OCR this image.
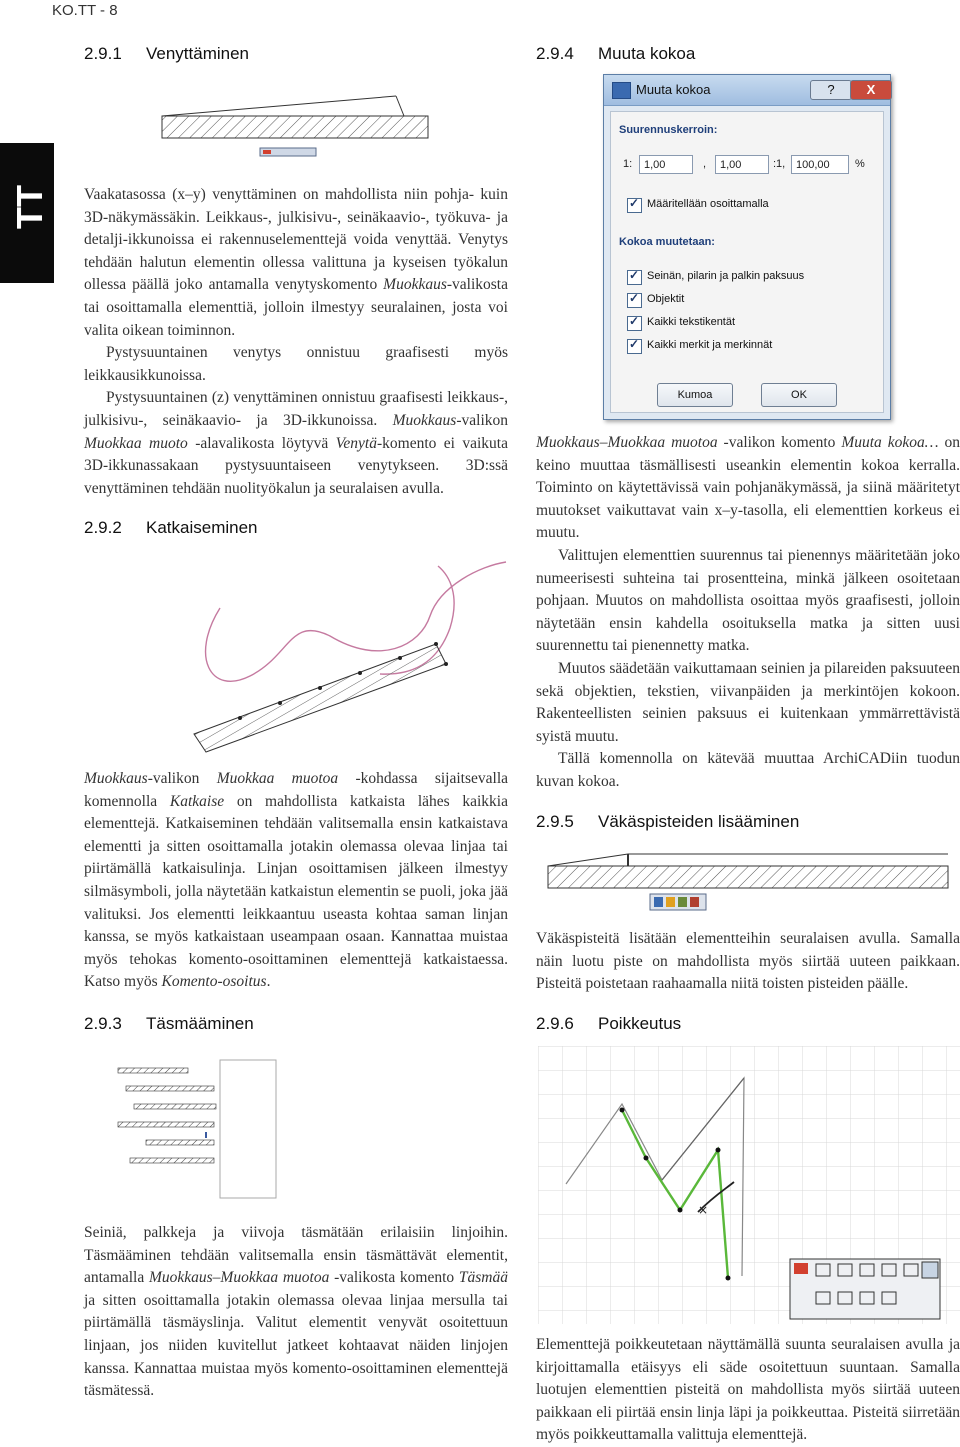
KO.TT - 8
TT
2.9.1 Venyttäminen

Vaakatasossa (x–y) venyttäminen on mahdollista niin pohja- kuin 3D-näkymässäkin. Leikkaus-, julkisivu-, seinäkaavio-, työkuva- ja detalji-ikkunoissa ei rakennuselementtejä voida venyttää. Venytys tehdään halutun elementin ollessa valittuna ja kyseisen työkalun ollessa päällä joko antamalla venytyskomento Muokkaus-valikosta tai osoittamalla elementtiä, jolloin ilmestyy seuralainen, josta voi valita oikean toiminnon.

Pystysuuntainen venytys onnistuu graafisesti myös leikkausikkunoissa.

Pystysuuntainen (z) venyttäminen onnistuu graafisesti leikkaus-, julkisivu-, seinäkaavio- ja 3D-ikkunoissa. Muokkaus-valikon Muokkaa muoto -alavalikosta löytyvä Venytä-komento ei vaikuta 3D-ikkunassakaan pystysuuntaiseen venytykseen. 3D:ssä venyttäminen tehdään nuolityökalun ja seuralaisen avulla.

2.9.2 Katkaiseminen

Muokkaus-valikon Muokkaa muotoa -kohdassa sijaitsevalla komennolla Katkaise on mahdollista katkaista lähes kaikkia elementtejä. Katkaiseminen tehdään valitsemalla ensin katkaistava elementti ja sitten osoittamalla jotakin olemassa olevaa linjaa tai piirtämällä katkaisulinja. Linjan osoittamisen jälkeen ilmestyy silmäsymboli, jolla näytetään katkaistun elementin se puoli, joka jää valituksi. Jos elementti leikkaantuu useasta kohtaa saman linjan kanssa, se myös katkaistaan useampaan osaan. Kannattaa muistaa myös tehokas komento-osoittaminen elementtejä katkaistaessa. Katso myös Komento-osoitus.

2.9.3 Täsmääminen

Seiniä, palkkeja ja viivoja täsmätään erilaisiin linjoihin. Täsmääminen tehdään valitsemalla ensin täsmättävät elementit, antamalla Muokkaus–Muokkaa muotoa -valikosta komento Täsmää ja sitten osoittamalla jotakin olemassa olevaa linjaa mersulla tai piirtämällä täsmäyslinja. Valitut elementit venyvät osoitettuun linjaan, jos niiden kuvitellut jatkeet kohtaavat näiden linjojen kanssa. Kannattaa muistaa myös komento-osoittaminen elementtejä täsmätessä.

2.9.4 Muuta kokoa
Muuta kokoa	?	X
Suurennuskerroin:
1:	1,00	,	1,00	:1, 100,00	%
✓
Määritellään osoittamalla
Kokoa muutetaan:
✓
Seinän, pilarin ja palkin paksuus
✓
Objektit
✓
Kaikki tekstikentät
✓
Kaikki merkit ja merkinnät
Kumoa	OK

Muokkaus–Muokkaa muotoa -valikon komento Muuta kokoa… on keino muuttaa täsmällisesti useankin elementin kokoa kerralla. Toiminto on käytettävissä vain pohjanäkymässä, ja siinä määritetyt muutokset vaikuttavat vain x–y-tasolla, eli elementtien korkeus ei muutu.

Valittujen elementtien suurennus tai pienennys määritetään joko numeerisesti suhteina tai prosentteina, minkä jälkeen osoitetaan pohjaan. Muutos on mahdollista osoittaa myös graafisesti, jolloin näytetään ensin kahdella osoituksella matka ja sitten uusi suurennettu tai pienennetty matka.

Muutos säädetään vaikuttamaan seinien ja pilareiden paksuuteen sekä objektien, tekstien, viivanpäiden ja merkintöjen kokoon. Rakenteellisten seinien paksuus ei kuitenkaan ymmärrettävistä syistä muutu.

Tällä komennolla on kätevää muuttaa ArchiCADiin tuodun kuvan kokoa.

2.9.5 Väkäspisteiden lisääminen

Väkäspisteitä lisätään elementteihin seuralaisen avulla. Samalla näin luotu piste on mahdollista myös siirtää uuteen paikkaan. Pisteitä poistetaan raahaamalla niitä toisten pisteiden päälle.

2.9.6 Poikkeutus
×

Elementtejä poikkeutetaan näyttämällä suunta seuralaisen avulla ja kirjoittamalla etäisyys eli säde osoitettuun suuntaan. Samalla luotujen elementtien pisteitä on mahdollista myös siirtää uuteen paikkaan eli piirtää ensin linja läpi ja poikkeuttaa. Pisteitä siirretään myös poikkeuttamalla valittuja elementtejä.
